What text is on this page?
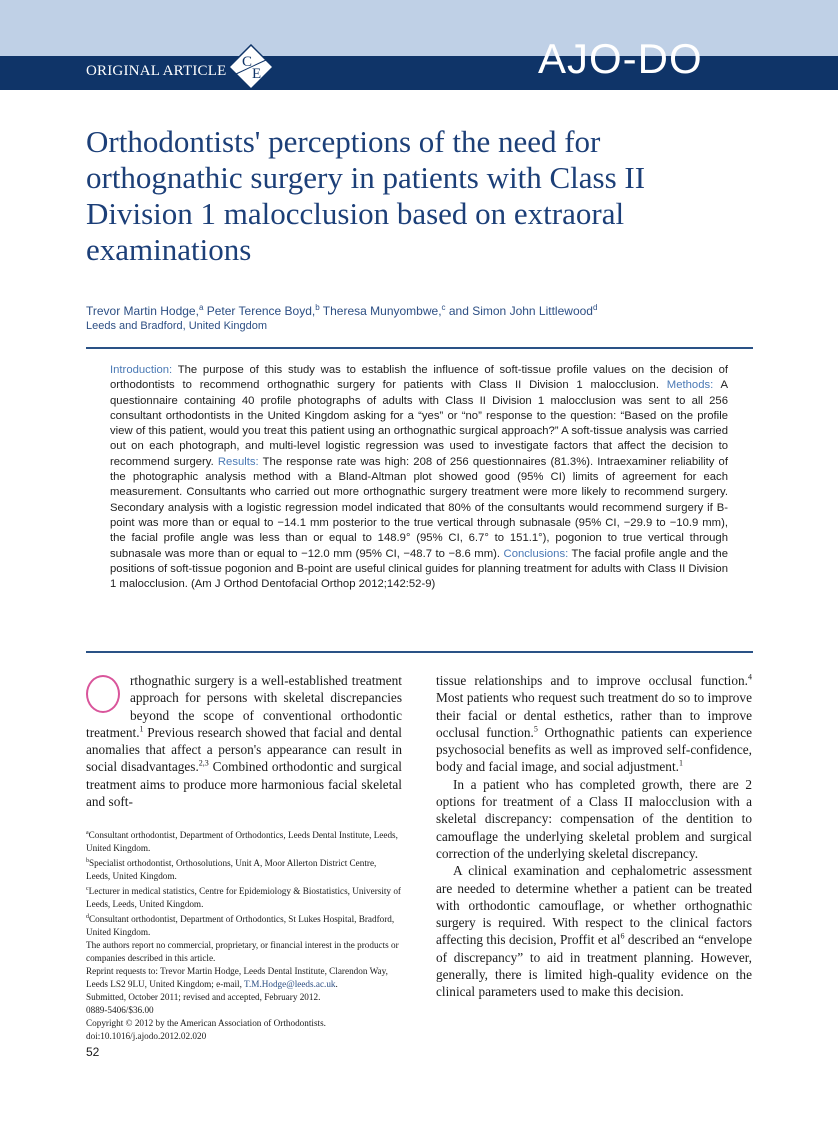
ORIGINAL ARTICLE
C
E	AJO-DO
Orthodontists' perceptions of the need for orthognathic surgery in patients with Class II Division 1 malocclusion based on extraoral examinations
Trevor Martin Hodge,$^a$ Peter Terence Boyd,$^b$ Theresa Munyombwe,$^c$ and Simon John Littlewood$^d$
Leeds and Bradford, United Kingdom
Introduction: The purpose of this study was to establish the influence of soft-tissue profile values on the decision of orthodontists to recommend orthognathic surgery for patients with Class II Division 1 malocclusion. Methods: A questionnaire containing 40 profile photographs of adults with Class II Division 1 malocclusion was sent to all 256 consultant orthodontists in the United Kingdom asking for a “yes” or “no” response to the question: “Based on the profile view of this patient, would you treat this patient using an orthognathic surgical approach?” A soft-tissue analysis was carried out on each photograph, and multi-level logistic regression was used to investigate factors that affect the decision to recommend surgery. Results: The response rate was high: 208 of 256 questionnaires (81.3%). Intraexaminer reliability of the photographic analysis method with a Bland-Altman plot showed good (95% CI) limits of agreement for each measurement. Consultants who carried out more orthognathic surgery treatment were more likely to recommend surgery. Secondary analysis with a logistic regression model indicated that 80% of the consultants would recommend surgery if B-point was more than or equal to −14.1 mm posterior to the true vertical through subnasale (95% CI, −29.9 to −10.9 mm), the facial profile angle was less than or equal to 148.9° (95% CI, 6.7° to 151.1°), pogonion to true vertical through subnasale was more than or equal to −12.0 mm (95% CI, −48.7 to −8.6 mm). Conclusions: The facial profile angle and the positions of soft-tissue pogonion and B-point are useful clinical guides for planning treatment for adults with Class II Division 1 malocclusion. (Am J Orthod Dentofacial Orthop 2012;142:52-9)

rthognathic surgery is a well-established treatment approach for persons with skeletal discrepancies beyond the scope of conventional orthodontic treatment.$^1$ Previous research showed that facial and dental anomalies that affect a person's appearance can result in social disadvantages.$^{2,3}$ Combined orthodontic and surgical treatment aims to produce more harmonious facial skeletal and soft-

$^a$Consultant orthodontist, Department of Orthodontics, Leeds Dental Institute, Leeds, United Kingdom.
$^b$Specialist orthodontist, Orthosolutions, Unit A, Moor Allerton District Centre, Leeds, United Kingdom.
$^c$Lecturer in medical statistics, Centre for Epidemiology & Biostatistics, University of Leeds, Leeds, United Kingdom.
$^d$Consultant orthodontist, Department of Orthodontics, St Lukes Hospital, Bradford, United Kingdom.
The authors report no commercial, proprietary, or financial interest in the products or companies described in this article.
Reprint requests to: Trevor Martin Hodge, Leeds Dental Institute, Clarendon Way, Leeds LS2 9LU, United Kingdom; e-mail, T.M.Hodge@leeds.ac.uk.
Submitted, October 2011; revised and accepted, February 2012.
0889-5406/$36.00
Copyright © 2012 by the American Association of Orthodontists.
doi:10.1016/j.ajodo.2012.02.020

tissue relationships and to improve occlusal function.$^4$ Most patients who request such treatment do so to improve their facial or dental esthetics, rather than to improve occlusal function.$^5$ Orthognathic patients can experience psychosocial benefits as well as improved self-confidence, body and facial image, and social adjustment.$^1$

In a patient who has completed growth, there are 2 options for treatment of a Class II malocclusion with a skeletal discrepancy: compensation of the dentition to camouflage the underlying skeletal problem and surgical correction of the underlying skeletal discrepancy.

A clinical examination and cephalometric assessment are needed to determine whether a patient can be treated with orthodontic camouflage, or whether orthognathic surgery is required. With respect to the clinical factors affecting this decision, Proffit et $al^6$ described an “envelope of discrepancy” to aid in treatment planning. However, generally, there is limited high-quality evidence on the clinical parameters used to make this decision.

52
